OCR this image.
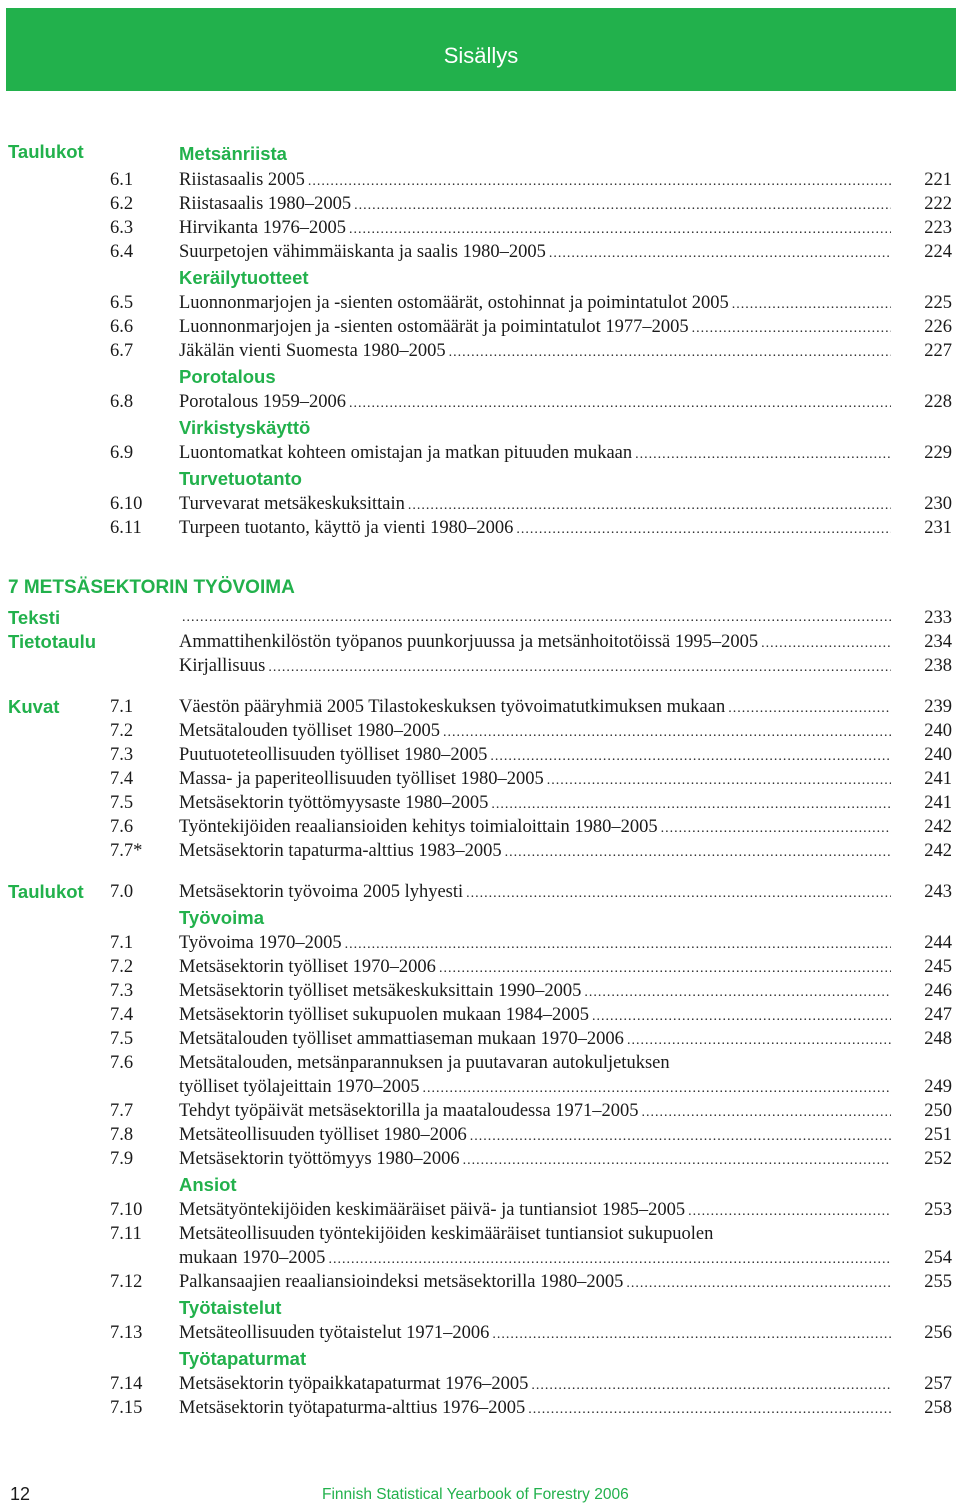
Sisällys
Taulukot	Metsänriista
6.1 Riistasaalis 2005 .....	221
6.2 Riistasaalis 1980–2005 .....	222
6.3 Hirvikanta 1976–2005 .....	223
6.4 Suurpetojen vähimmäiskanta ja saalis 1980–2005 .....	224
Keräilytuotteet
6.5 Luonnonmarjojen ja -sienten ostomäärät, ostohinnat ja poimintatulot 2005 .....	225
6.6 Luonnonmarjojen ja -sienten ostomäärät ja poimintatulot 1977–2005 .....	226
6.7 Jäkälän vienti Suomesta 1980–2005 .....	227
Porotalous
6.8 Porotalous 1959–2006 .....	228
Virkistyskäyttö
6.9 Luontomatkat kohteen omistajan ja matkan pituuden mukaan .....	229
Turvetuotanto
6.10 Turvevarat metsäkeskuksittain .....	230
6.11 Turpeen tuotanto, käyttö ja vienti 1980–2006 .....	231
7 METSÄSEKTORIN TYÖVOIMA
Teksti .....	233
Tietotaulu	Ammattihenkilöstön työpanos puunkorjuussa ja metsänhoitotöissä 1995–2005 .....	234
Kirjallisuus .....	238
Kuvat	7.1 Väestön pääryhmiä 2005 Tilastokeskuksen työvoimatutkimuksen mukaan .....	239
7.2 Metsätalouden työlliset 1980–2005 .....	240
7.3 Puutuoteteollisuuden työlliset 1980–2005 .....	240
7.4 Massa- ja paperiteollisuuden työlliset 1980–2005 .....	241
7.5 Metsäsektorin työttömyysaste 1980–2005 .....	241
7.6 Työntekijöiden reaaliansioiden kehitys toimialoittain 1980–2005 .....	242
7.7* Metsäsektorin tapaturma-alttius 1983–2005 .....	242
Taulukot 7.0 Metsäsektorin työvoima 2005 lyhyesti .....	243
Työvoima
7.1 Työvoima 1970–2005 .....	244
7.2 Metsäsektorin työlliset 1970–2006 .....	245
7.3 Metsäsektorin työlliset metsäkeskuksittain 1990–2005 .....	246
7.4 Metsäsektorin työlliset sukupuolen mukaan 1984–2005 .....	247
7.5 Metsätalouden työlliset ammattiaseman mukaan 1970–2006 .....	248
7.6 Metsätalouden, metsänparannuksen ja puutavaran autokuljetuksen
työlliset työlajeittain 1970–2005 .....	249
7.7 Tehdyt työpäivät metsäsektorilla ja maataloudessa 1971–2005 .....	250
7.8 Metsäteollisuuden työlliset 1980–2006 .....	251
7.9 Metsäsektorin työttömyys 1980–2006 .....	252
Ansiot
7.10 Metsätyöntekijöiden keskimääräiset päivä- ja tuntiansiot 1985–2005 .....	253
7.11 Metsäteollisuuden työntekijöiden keskimääräiset tuntiansiot sukupuolen
mukaan 1970–2005 .....	254
7.12 Palkansaajien reaaliansioindeksi metsäsektorilla 1980–2005 .....	255
Työtaistelut
7.13 Metsäteollisuuden työtaistelut 1971–2006 .....	256
Työtapaturmat
7.14 Metsäsektorin työpaikkatapaturmat 1976–2005 .....	257
7.15 Metsäsektorin työtapaturma-alttius 1976–2005 .....	258
12	Finnish Statistical Yearbook of Forestry 2006
